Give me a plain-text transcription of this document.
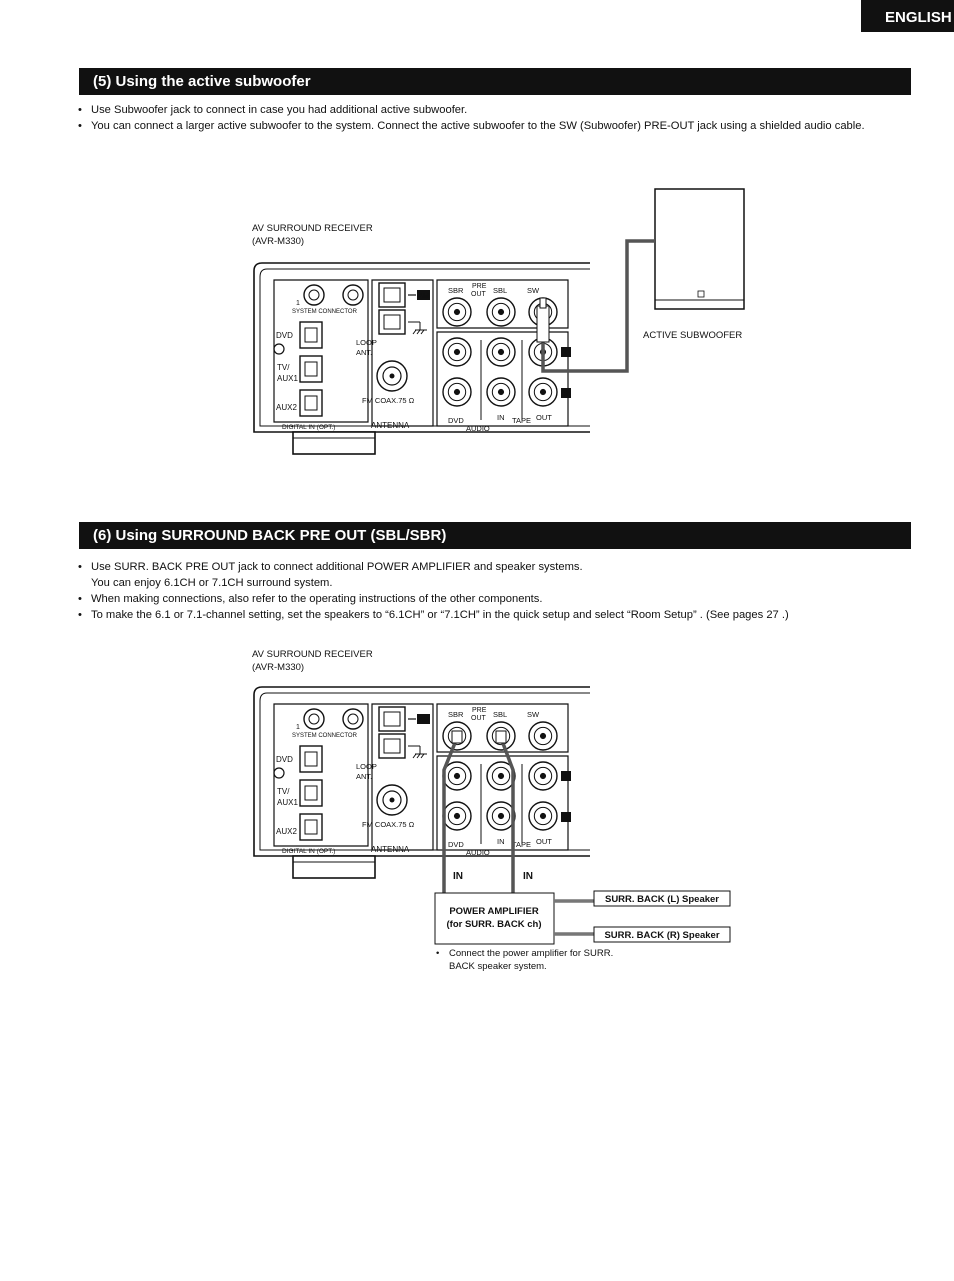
ENGLISH
(5) Using the active subwoofer
• Use Subwoofer jack to connect in case you had additional active subwoofer.
• You can connect a larger active subwoofer to the system. Connect the active subwoofer to the SW (Subwoofer) PRE-OUT jack using a shielded audio cable.
AV SURROUND RECEIVER
(AVR-M330)
ACTIVE SUBWOOFER
1
SYSTEM CONNECTOR
DVD
TV/
AUX1
AUX2
DIGITAL IN (OPT.)
AM
LOOP
ANT.
FM COAX.75 Ω
ANTENNA
SBR PRE
OUT SBL	SW
L
R
DVD
AUDIO
IN TAPE OUT
(6) Using SURROUND BACK PRE OUT (SBL/SBR)
• Use SURR. BACK PRE OUT jack to connect additional POWER AMPLIFIER and speaker systems.
You can enjoy 6.1CH or 7.1CH surround system.
• When making connections, also refer to the operating instructions of the other components.
• To make the 6.1 or 7.1-channel setting, set the speakers to “6.1CH” or “7.1CH” in the quick setup and select “Room Setup” . (See pages 27 .)
AV SURROUND RECEIVER
(AVR-M330)
1
SYSTEM CONNECTOR
DVD
TV/
AUX1
AUX2
DIGITAL IN (OPT.)
AM
LOOP
ANT.
FM COAX.75 Ω
ANTENNA
SBR PRE
OUT SBL	SW
L
R
DVD
AUDIO
IN TAPE OUT
IN	IN
POWER AMPLIFIER
(for SURR. BACK ch)
SURR. BACK (L) Speaker
SURR. BACK (R) Speaker
• Connect the power amplifier for SURR.
BACK speaker system.
